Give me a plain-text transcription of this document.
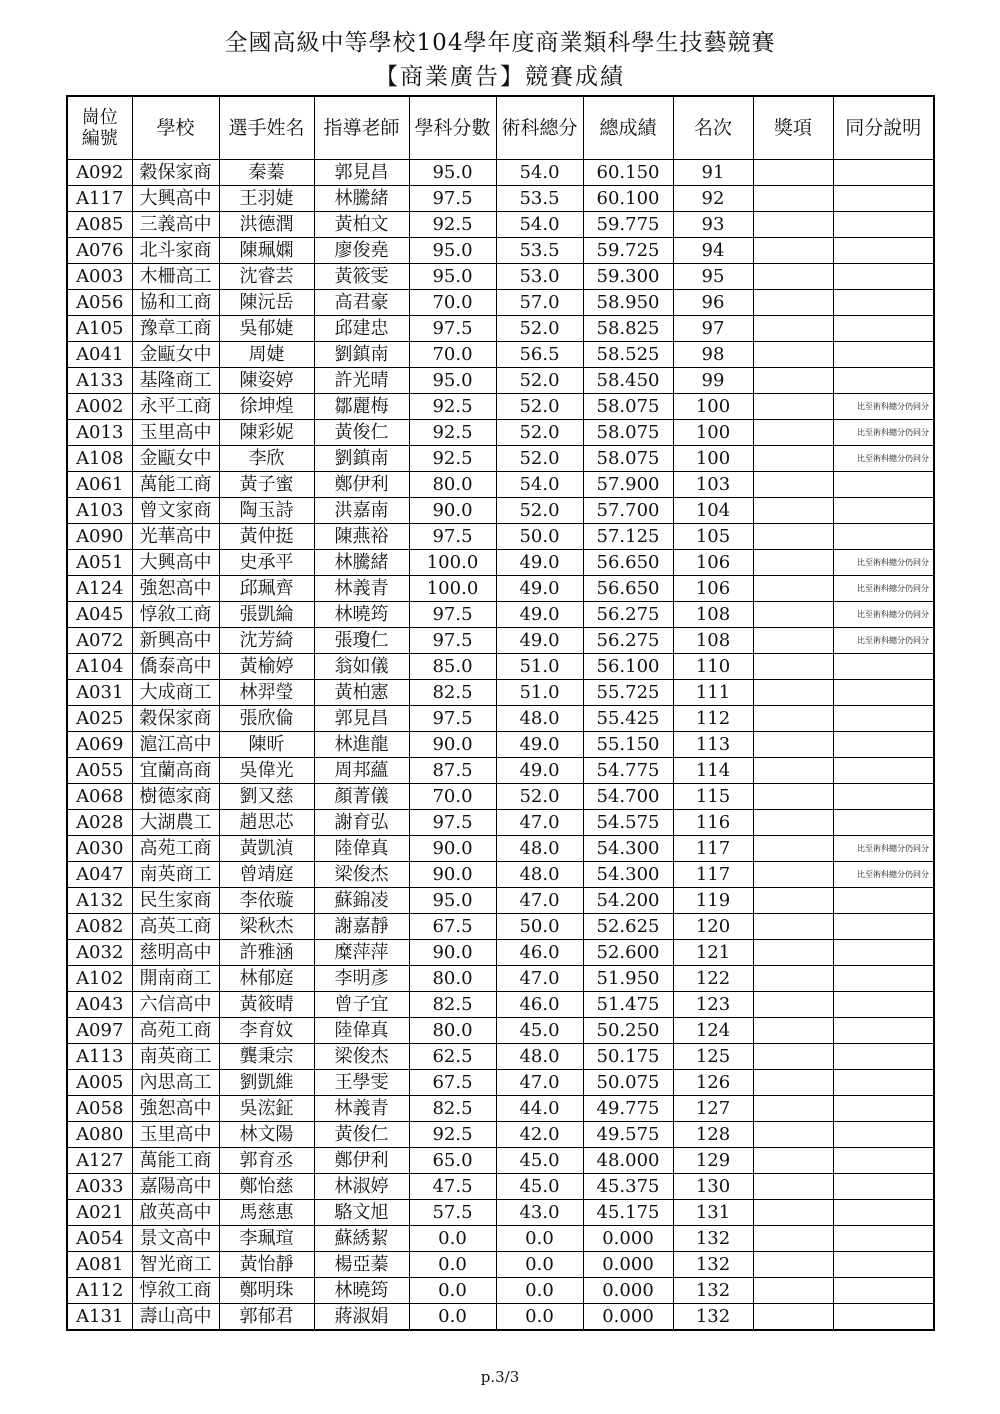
全國高級中等學校104學年度商業類科學生技藝競賽
【商業廣告】競賽成績
崗位
編號	學校	選手姓名	指導老師	學科分數	術科總分	總成績	名次	獎項	同分說明
A092	穀保家商	秦蓁	郭見昌	95.0	54.0	60.150	91		
A117	大興高中	王羽婕	林騰緒	97.5	53.5	60.100	92		
A085	三義高中	洪德潤	黃柏文	92.5	54.0	59.775	93		
A076	北斗家商	陳珮嫻	廖俊堯	95.0	53.5	59.725	94		
A003	木柵高工	沈睿芸	黃筱雯	95.0	53.0	59.300	95		
A056	協和工商	陳沅岳	高君豪	70.0	57.0	58.950	96		
A105	豫章工商	吳郁婕	邱建忠	97.5	52.0	58.825	97		
A041	金甌女中	周婕	劉鎮南	70.0	56.5	58.525	98		
A133	基隆商工	陳姿婷	許光晴	95.0	52.0	58.450	99		
A002	永平工商	徐坤煌	鄒麗梅	92.5	52.0	58.075	100		比至術科總分仍同分
A013	玉里高中	陳彩妮	黃俊仁	92.5	52.0	58.075	100		比至術科總分仍同分
A108	金甌女中	李欣	劉鎮南	92.5	52.0	58.075	100		比至術科總分仍同分
A061	萬能工商	黃子蜜	鄭伊利	80.0	54.0	57.900	103		
A103	曾文家商	陶玉詩	洪嘉南	90.0	52.0	57.700	104		
A090	光華高中	黃仲挺	陳燕裕	97.5	50.0	57.125	105		
A051	大興高中	史承平	林騰緒	100.0	49.0	56.650	106		比至術科總分仍同分
A124	強恕高中	邱珮齊	林義青	100.0	49.0	56.650	106		比至術科總分仍同分
A045	惇敘工商	張凱綸	林曉筠	97.5	49.0	56.275	108		比至術科總分仍同分
A072	新興高中	沈芳綺	張瓊仁	97.5	49.0	56.275	108		比至術科總分仍同分
A104	僑泰高中	黃榆婷	翁如儀	85.0	51.0	56.100	110		
A031	大成商工	林羿瑩	黃柏憲	82.5	51.0	55.725	111		
A025	穀保家商	張欣倫	郭見昌	97.5	48.0	55.425	112		
A069	滬江高中	陳昕	林進龍	90.0	49.0	55.150	113		
A055	宜蘭高商	吳偉光	周邦蘊	87.5	49.0	54.775	114		
A068	樹德家商	劉又慈	顏菁儀	70.0	52.0	54.700	115		
A028	大湖農工	趙思芯	謝育弘	97.5	47.0	54.575	116		
A030	高苑工商	黃凱湞	陸偉真	90.0	48.0	54.300	117		比至術科總分仍同分
A047	南英商工	曾靖庭	梁俊杰	90.0	48.0	54.300	117		比至術科總分仍同分
A132	民生家商	李依璇	蘇錦凌	95.0	47.0	54.200	119		
A082	高英工商	梁秋杰	謝嘉靜	67.5	50.0	52.625	120		
A032	慈明高中	許雅涵	糜萍萍	90.0	46.0	52.600	121		
A102	開南商工	林郁庭	李明彥	80.0	47.0	51.950	122		
A043	六信高中	黃筱晴	曾子宜	82.5	46.0	51.475	123		
A097	高苑工商	李育妏	陸偉真	80.0	45.0	50.250	124		
A113	南英商工	龔秉宗	梁俊杰	62.5	48.0	50.175	125		
A005	內思高工	劉凱維	王學雯	67.5	47.0	50.075	126		
A058	強恕高中	吳浤鉦	林義青	82.5	44.0	49.775	127		
A080	玉里高中	林文陽	黃俊仁	92.5	42.0	49.575	128		
A127	萬能工商	郭育丞	鄭伊利	65.0	45.0	48.000	129		
A033	嘉陽高中	鄭怡慈	林淑婷	47.5	45.0	45.375	130		
A021	啟英高中	馬慈惠	駱文旭	57.5	43.0	45.175	131		
A054	景文高中	李珮瑄	蘇綉絜	0.0	0.0	0.000	132		
A081	智光商工	黃怡靜	楊亞蓁	0.0	0.0	0.000	132		
A112	惇敘工商	鄭明珠	林曉筠	0.0	0.0	0.000	132		
A131	壽山高中	郭郁君	蔣淑娟	0.0	0.0	0.000	132		
p.3/3
